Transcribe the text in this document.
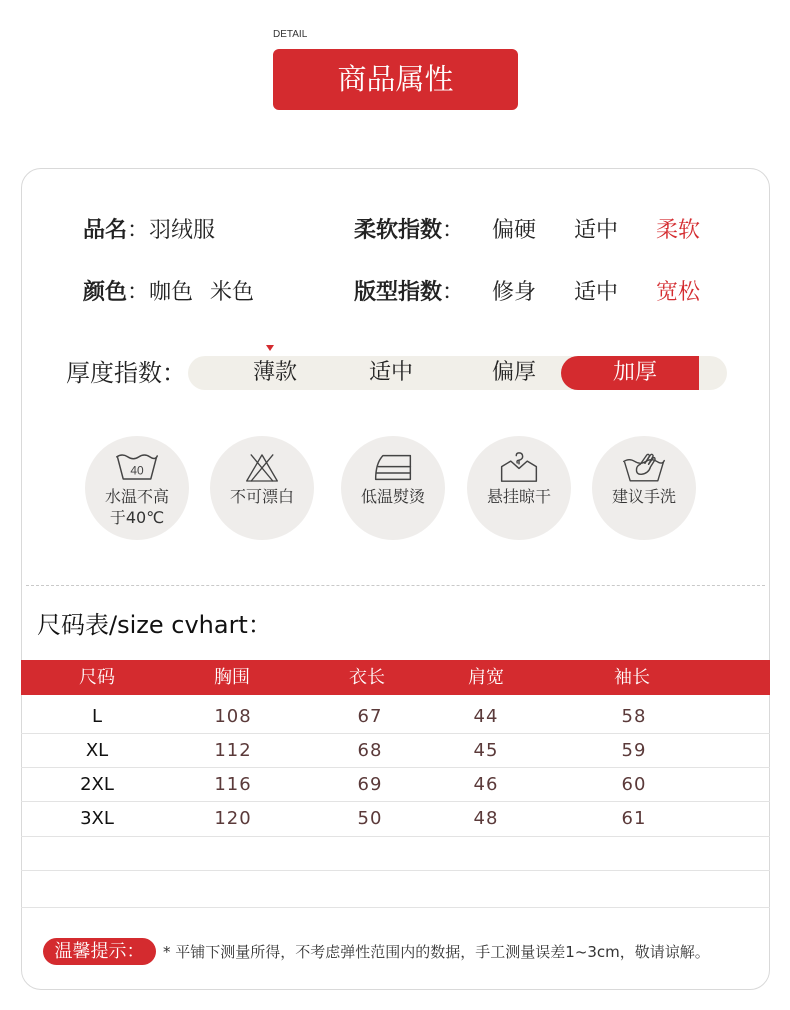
DETAIL
商品属性
品名：羽绒服	柔软指数： 偏硬 适中 柔软
颜色：咖色 米色	版型指数： 修身 适中 宽松
厚度指数：	薄款	适中	偏厚	加厚
40
水温不高
于40℃
不可漂白	低温熨烫	悬挂晾干	建议手洗
尺码表/size cvhart：
尺码	胸围	衣长	肩宽	袖长
L	108	67	44	58
XL	112	68	45	59
2XL	116	69	46	60
3XL	120	50	48	61
温馨提示：	* 平铺下测量所得，不考虑弹性范围内的数据，手工测量误差1~3cm，敬请谅解。
